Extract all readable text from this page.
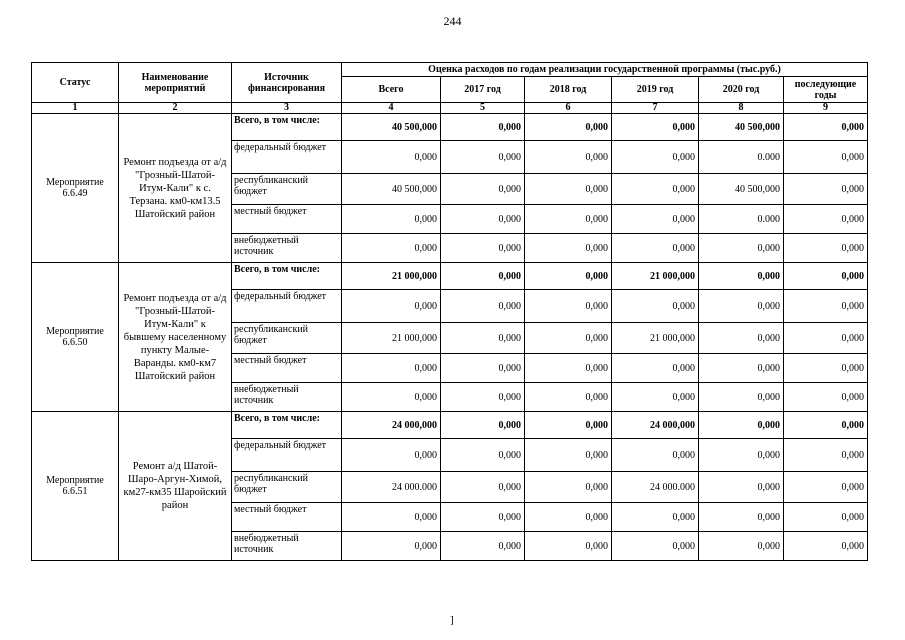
244
Статус	Наименование мероприятий	Источник финансирования	Оценка расходов по годам реализации государственной программы (тыс.руб.)					
			Всего	2017 год	2018 год	2019 год	2020 год	последующие годы
1	2	3	4	5	6	7	8	9
Мероприятие 6.6.49	Ремонт подъезда от а/д "Грозный-Шатой-Итум-Кали" к с. Терзана. км0-км13.5 Шатойский район	Всего, в том числе:	40 500,000	0,000	0,000	0,000	40 500,000	0,000
		федеральный бюджет	0,000	0,000	0,000	0,000	0.000	0,000
		республиканский бюджет	40 500,000	0,000	0,000	0,000	40 500,000	0,000
		местный бюджет	0,000	0,000	0,000	0,000	0.000	0,000
		внебюджетный источник	0,000	0,000	0,000	0,000	0,000	0,000
Мероприятие 6.6.50	Ремонт подъезда от а/д "Грозный-Шатой-Итум-Кали" к бывшему населенному пункту Малые-Варанды. км0-км7 Шатойский район	Всего, в том числе:	21 000,000	0,000	0,000	21 000,000	0,000	0,000
		федеральный бюджет	0,000	0,000	0,000	0,000	0,000	0,000
		республиканский бюджет	21 000,000	0,000	0,000	21 000,000	0,000	0,000
		местный бюджет	0,000	0,000	0,000	0,000	0,000	0,000
		внебюджетный источник	0,000	0,000	0,000	0,000	0,000	0,000
Мероприятие 6.6.51	Ремонт а/д Шатой-Шаро-Аргун-Химой, км27-км35 Шаройский район	Всего, в том числе:	24 000,000	0,000	0,000	24 000,000	0,000	0,000
		федеральный бюджет	0,000	0,000	0,000	0,000	0,000	0,000
		республиканский бюджет	24 000.000	0,000	0,000	24 000.000	0,000	0,000
		местный бюджет	0,000	0,000	0,000	0,000	0,000	0,000
		внебюджетный источник	0,000	0,000	0,000	0,000	0,000	0,000
]
